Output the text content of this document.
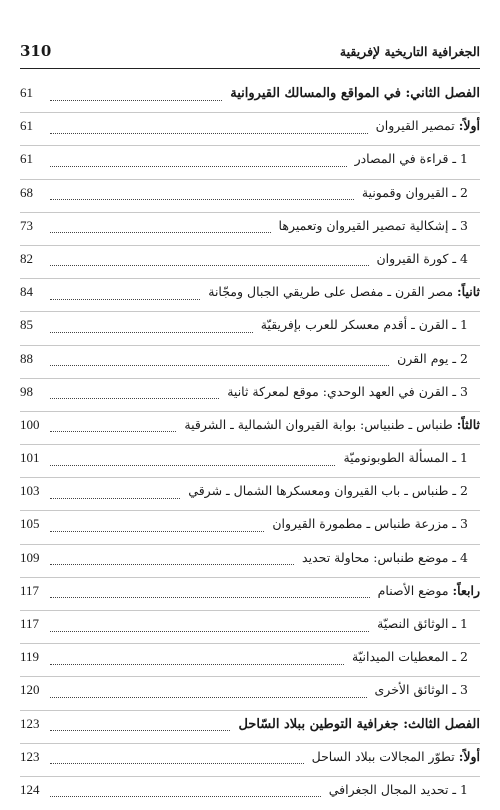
310	الجغرافية التاريخية لإفريقية
الفصل الثاني: في المواقع والمسالك القيروانية
61
أولاً: تمصير القيروان
61
1 ـ قراءة في المصادر
61
2 ـ القيروان وقمونية
68
3 ـ إشكالية تمصير القيروان وتعميرها
73
4 ـ كورة القيروان
82
ثانياً: مصر القرن ـ مفصل على طريقي الجبال ومجّانة
84
1 ـ القرن ـ أقدم معسكر للعرب بإفريقيّة
85
2 ـ يوم القرن
88
3 ـ القرن في العهد الوحدي: موقع لمعركة ثانية
98
ثالثاً: طنباس ـ طنبياس: بوابة القيروان الشمالية ـ الشرقية
100
1 ـ المسألة الطوبونوميّة
101
2 ـ طنباس ـ باب القيروان ومعسكرها الشمال ـ شرقي
103
3 ـ مزرعة طنباس ـ مطمورة القيروان
105
4 ـ موضع طنباس: محاولة تحديد
109
رابعاً: موضع الأصنام
117
1 ـ الوثائق النصيّة
117
2 ـ المعطيات الميدانيّة
119
3 ـ الوثائق الأخرى
120
الفصل الثالث: جغرافية التوطين ببلاد السّاحل
123
أولاً: تطوّر المجالات ببلاد الساحل
123
1 ـ تحديد المجال الجغرافي
124
